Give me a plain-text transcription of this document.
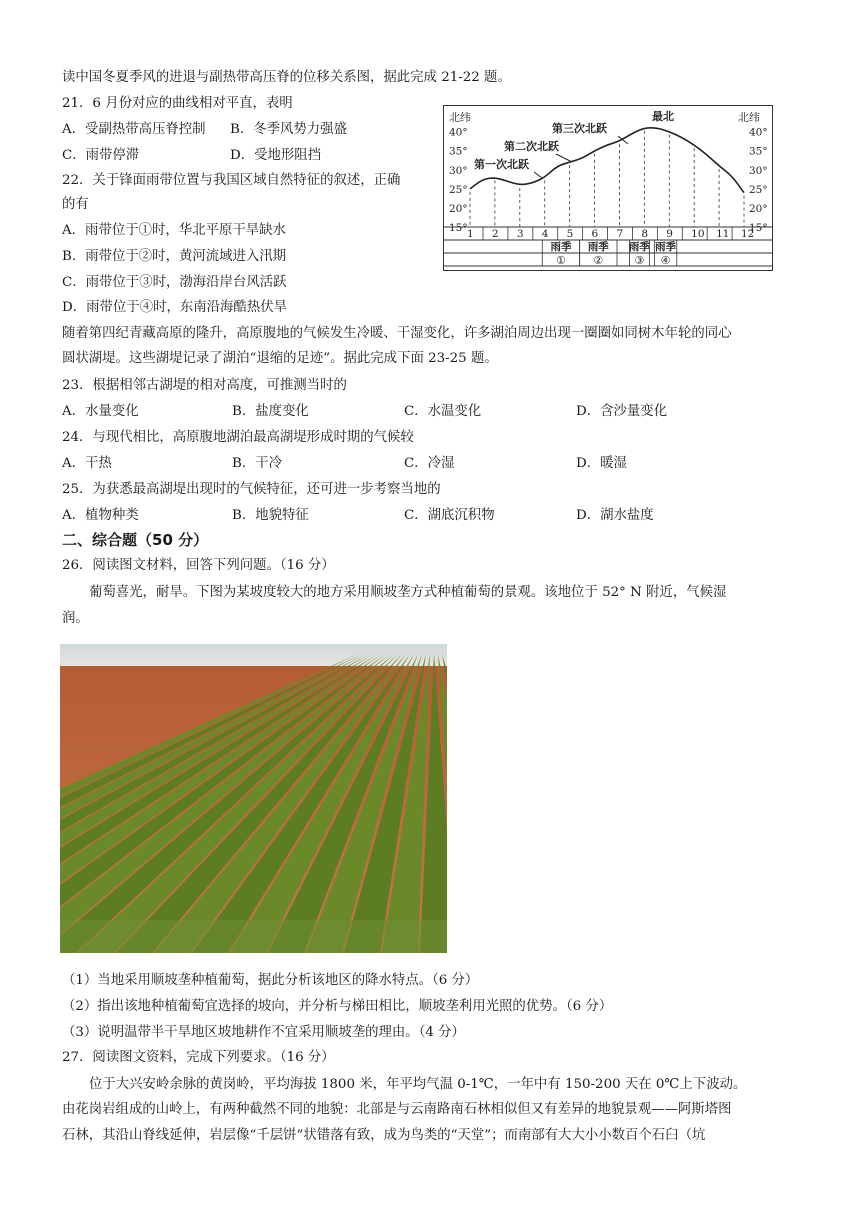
读中国冬夏季风的进退与副热带高压脊的位移关系图，据此完成 21-22 题。
21．6 月份对应的曲线相对平直，表明
A．受副热带高压脊控制 B．冬季风势力强盛
C．雨带停滞	D．受地形阻挡
22．关于锋面雨带位置与我国区域自然特征的叙述，正确
的有
A．雨带位于①时，华北平原干旱缺水
B．雨带位于②时，黄河流域进入汛期
C．雨带位于③时，渤海沿岸台风活跃
D．雨带位于④时，东南沿海酷热伏旱
北纬	北纬
40°	40°
35°	35°
30°	30°
25°	25°
20°	20°
15°	15°
1 2 3 4 5 6 7 8 9 10 11 12
第一次北跃
第二次北跃
第三次北跃
最北
雨季
①
雨季
②
雨季
③
雨季
④
随着第四纪青藏高原的隆升，高原腹地的气候发生冷暖、干湿变化，许多湖泊周边出现一圈圈如同树木年轮的同心
圆状湖堤。这些湖堤记录了湖泊“退缩的足迹”。据此完成下面 23-25 题。
23．根据相邻古湖堤的相对高度，可推测当时的
A．水量变化	B．盐度变化	C．水温变化	D．含沙量变化
24．与现代相比，高原腹地湖泊最高湖堤形成时期的气候较
A．干热	B．干冷	C．冷湿	D．暖湿
25．为获悉最高湖堤出现时的气候特征，还可进一步考察当地的
A．植物种类	B．地貌特征	C．湖底沉积物	D．湖水盐度
二、综合题（50 分）
26．阅读图文材料，回答下列问题。（16 分）
葡萄喜光，耐旱。下图为某坡度较大的地方采用顺坡垄方式种植葡萄的景观。该地位于 52° N 附近，气候湿
润。
（1）当地采用顺坡垄种植葡萄，据此分析该地区的降水特点。（6 分）
（2）指出该地种植葡萄宜选择的坡向，并分析与梯田相比，顺坡垄利用光照的优势。（6 分）
（3）说明温带半干旱地区坡地耕作不宜采用顺坡垄的理由。（4 分）
27．阅读图文资料，完成下列要求。（16 分）
位于大兴安岭余脉的黄岗岭，平均海拔 1800 米，年平均气温 0-1℃，一年中有 150-200 天在 0℃上下波动。
由花岗岩组成的山岭上，有两种截然不同的地貌：北部是与云南路南石林相似但又有差异的地貌景观——阿斯塔图
石林，其沿山脊线延伸，岩层像“千层饼”状错落有致，成为鸟类的“天堂”；而南部有大大小小数百个石臼（坑
